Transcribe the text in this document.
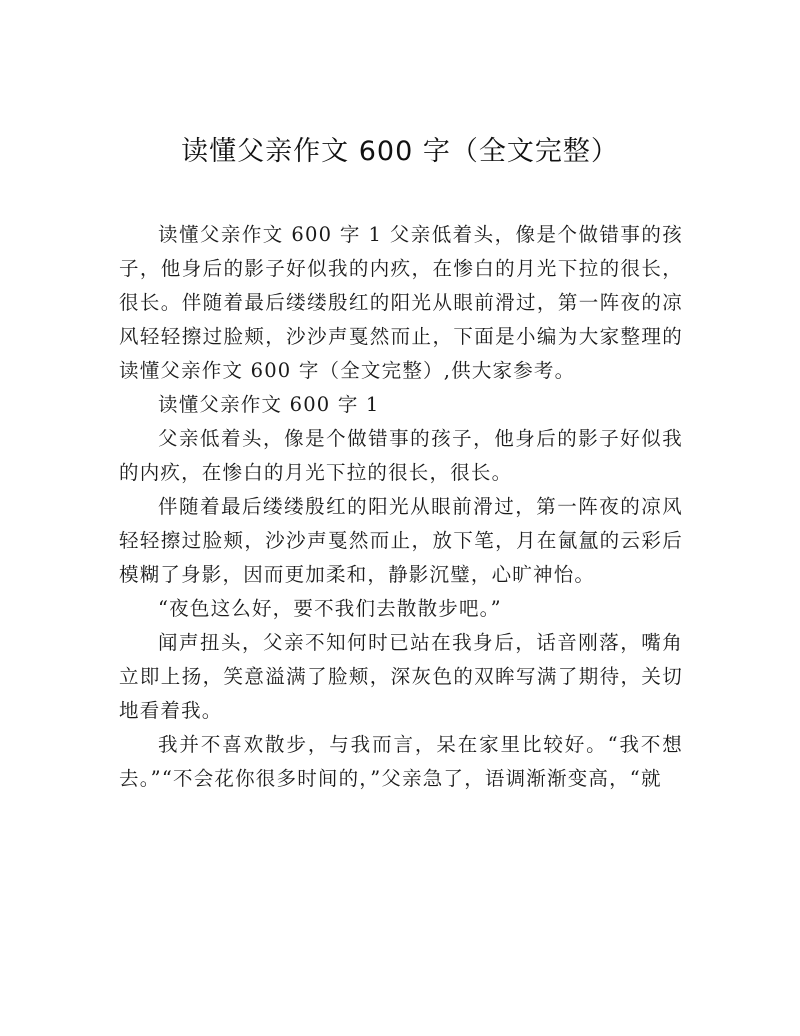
读懂父亲作文 600 字（全文完整）

读懂父亲作文 600 字 1 父亲低着头，像是个做错事的孩子，他身后的影子好似我的内疚，在惨白的月光下拉的很长，很长。伴随着最后缕缕殷红的阳光从眼前滑过，第一阵夜的凉风轻轻擦过脸颊，沙沙声戛然而止，下面是小编为大家整理的读懂父亲作文 600 字（全文完整）,供大家参考。

读懂父亲作文 600 字 1

父亲低着头，像是个做错事的孩子，他身后的影子好似我的内疚，在惨白的月光下拉的很长，很长。

伴随着最后缕缕殷红的阳光从眼前滑过，第一阵夜的凉风轻轻擦过脸颊，沙沙声戛然而止，放下笔，月在氤氲的云彩后模糊了身影，因而更加柔和，静影沉璧，心旷神怡。

“夜色这么好，要不我们去散散步吧。”

闻声扭头，父亲不知何时已站在我身后，话音刚落，嘴角立即上扬，笑意溢满了脸颊，深灰色的双眸写满了期待，关切地看着我。

我并不喜欢散步，与我而言，呆在家里比较好。“我不想去。”“不会花你很多时间的，”父亲急了，语调渐渐变高，“就
